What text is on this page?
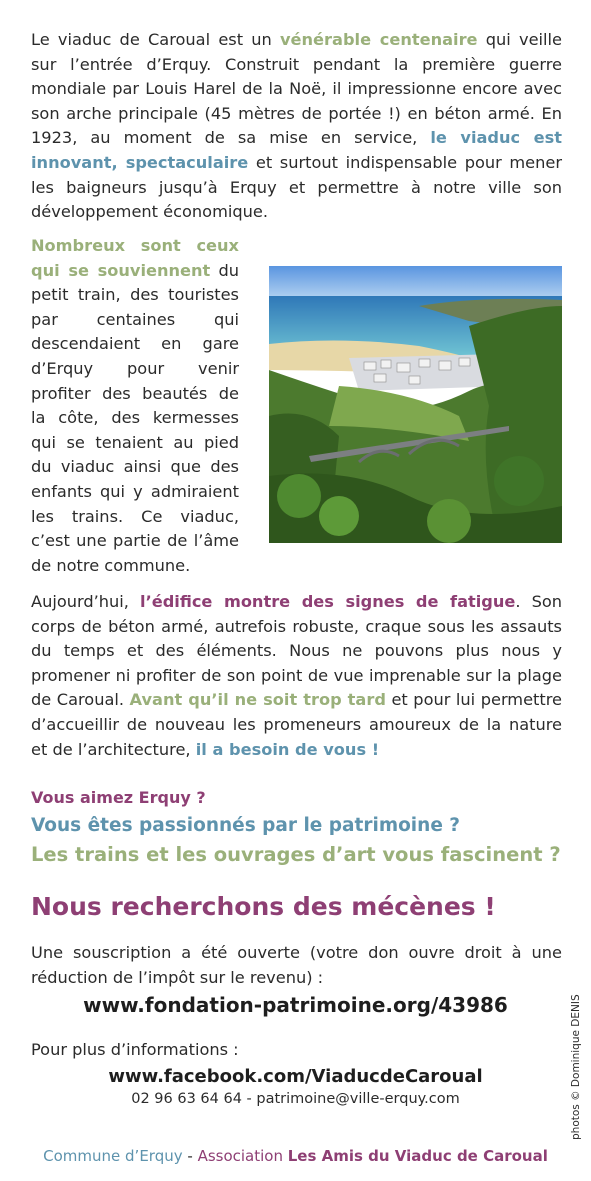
Le viaduc de Caroual est un vénérable centenaire qui veille sur l’entrée d’Erquy. Construit pendant la première guerre mondiale par Louis Harel de la Noë, il impressionne encore avec son arche principale (45 mètres de portée !) en béton armé. En 1923, au moment de sa mise en service, le viaduc est innovant, spectaculaire et surtout indispensable pour mener les baigneurs jusqu’à Erquy et permettre à notre ville son développement économique.
Nombreux sont ceux qui se souviennent du petit train, des touristes par centaines qui descendaient en gare d’Erquy pour venir profiter des beautés de la côte, des kermesses qui se tenaient au pied du viaduc ainsi que des enfants qui y admiraient les trains. Ce viaduc, c’est une partie de l’âme de notre commune.
Aujourd’hui, l’édifice montre des signes de fatigue. Son corps de béton armé, autrefois robuste, craque sous les assauts du temps et des éléments. Nous ne pouvons plus nous y promener ni profiter de son point de vue imprenable sur la plage de Caroual. Avant qu’il ne soit trop tard et pour lui permettre d’accueillir de nouveau les promeneurs amoureux de la nature et de l’architecture, il a besoin de vous !
Vous aimez Erquy ?
Vous êtes passionnés par le patrimoine ?
Les trains et les ouvrages d’art vous fascinent ?
Nous recherchons des mécènes !
Une souscription a été ouverte (votre don ouvre droit à une réduction de l’impôt sur le revenu) :
www.fondation-patrimoine.org/43986
Pour plus d’informations :
www.facebook.com/ViaducdeCaroual
02 96 63 64 64 - patrimoine@ville-erquy.com
Commune d’Erquy - Association Les Amis du Viaduc de Caroual
photos © Dominique DENIS
